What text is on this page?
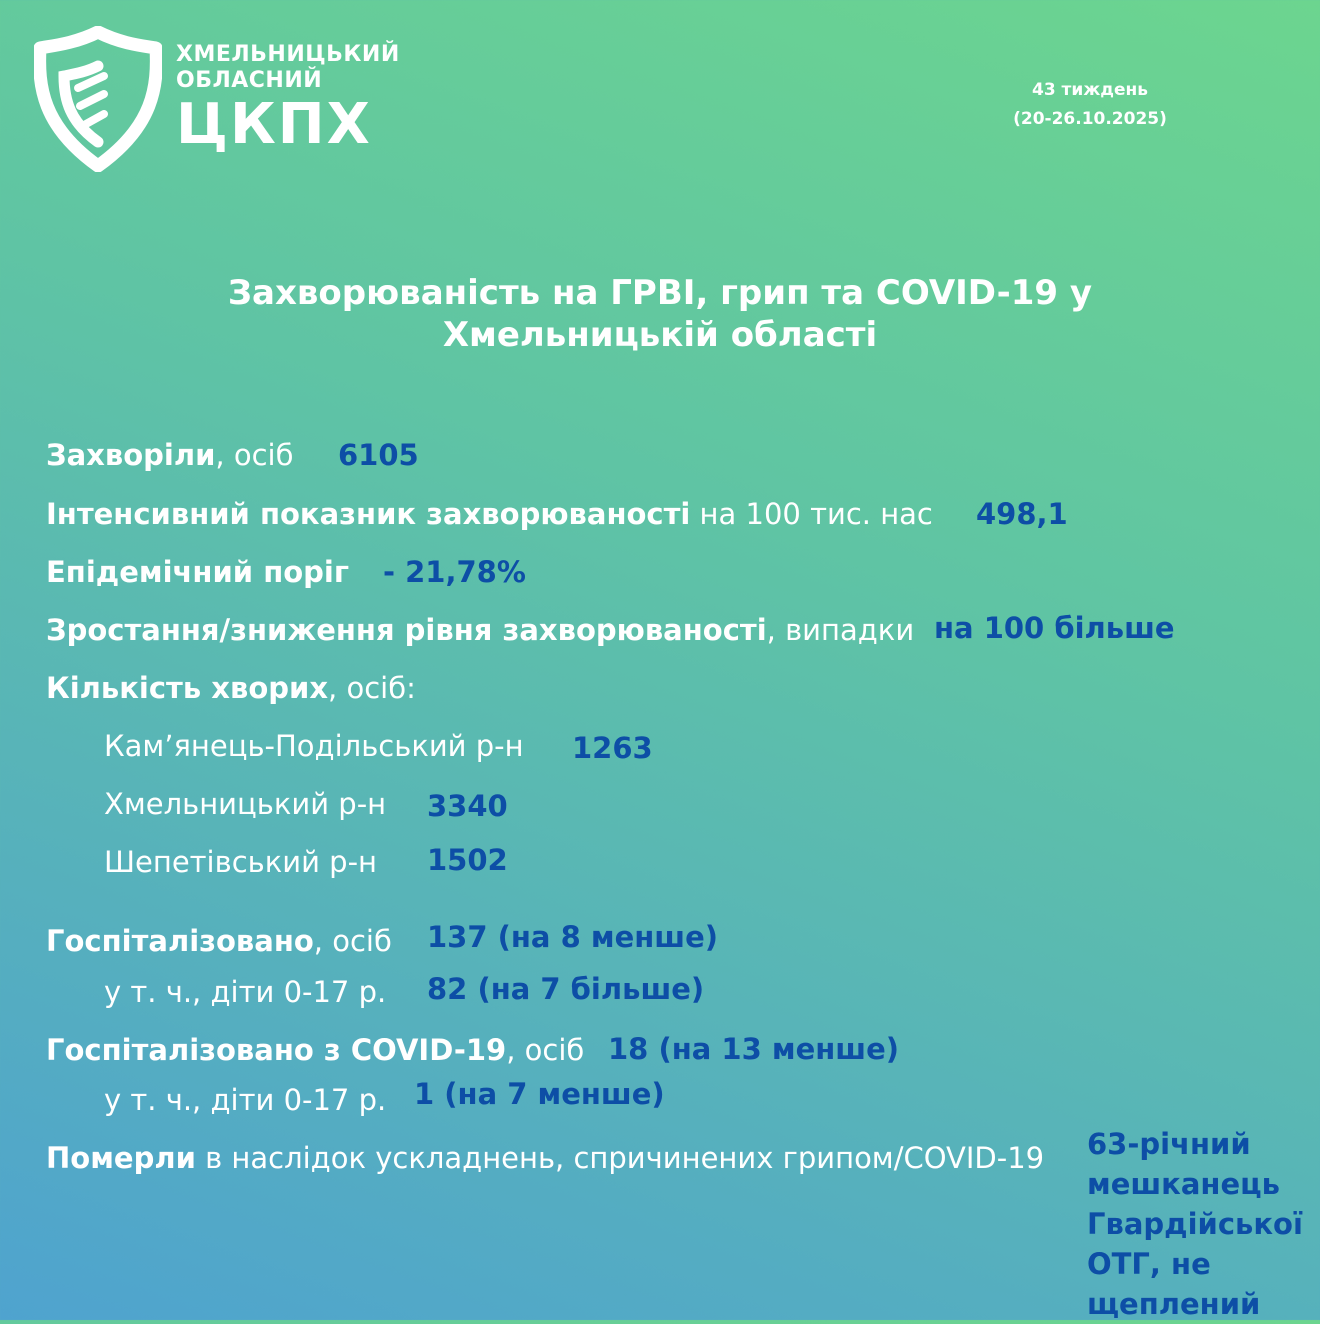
ХМЕЛЬНИЦЬКИЙ
ОБЛАСНИЙ
ЦКПХ
43 тиждень
(20-26.10.2025)
Захворюваність на ГРВІ, грип та COVID-19 у
Хмельницькій області
Захворіли, осіб 6105
Інтенсивний показник захворюваності на 100 тис. нас 498,1
Епідемічний поріг - 21,78%
Зростання/зниження рівня захворюваності, випадки на 100 більше
Кількість хворих, осіб:
Кам’янець-Подільський р-н 1263
Хмельницький р-н 3340
Шепетівський р-н 1502
Госпіталізовано, осіб 137 (на 8 менше)
у т. ч., діти 0-17 р. 82 (на 7 більше)
Госпіталізовано з COVID-19, осіб 18 (на 13 менше)
у т. ч., діти 0-17 р. 1 (на 7 менше)
Померли в наслідок ускладнень, спричинених грипом/COVID-19 63-річний мешканець Гвардійської ОТГ, не щеплений
